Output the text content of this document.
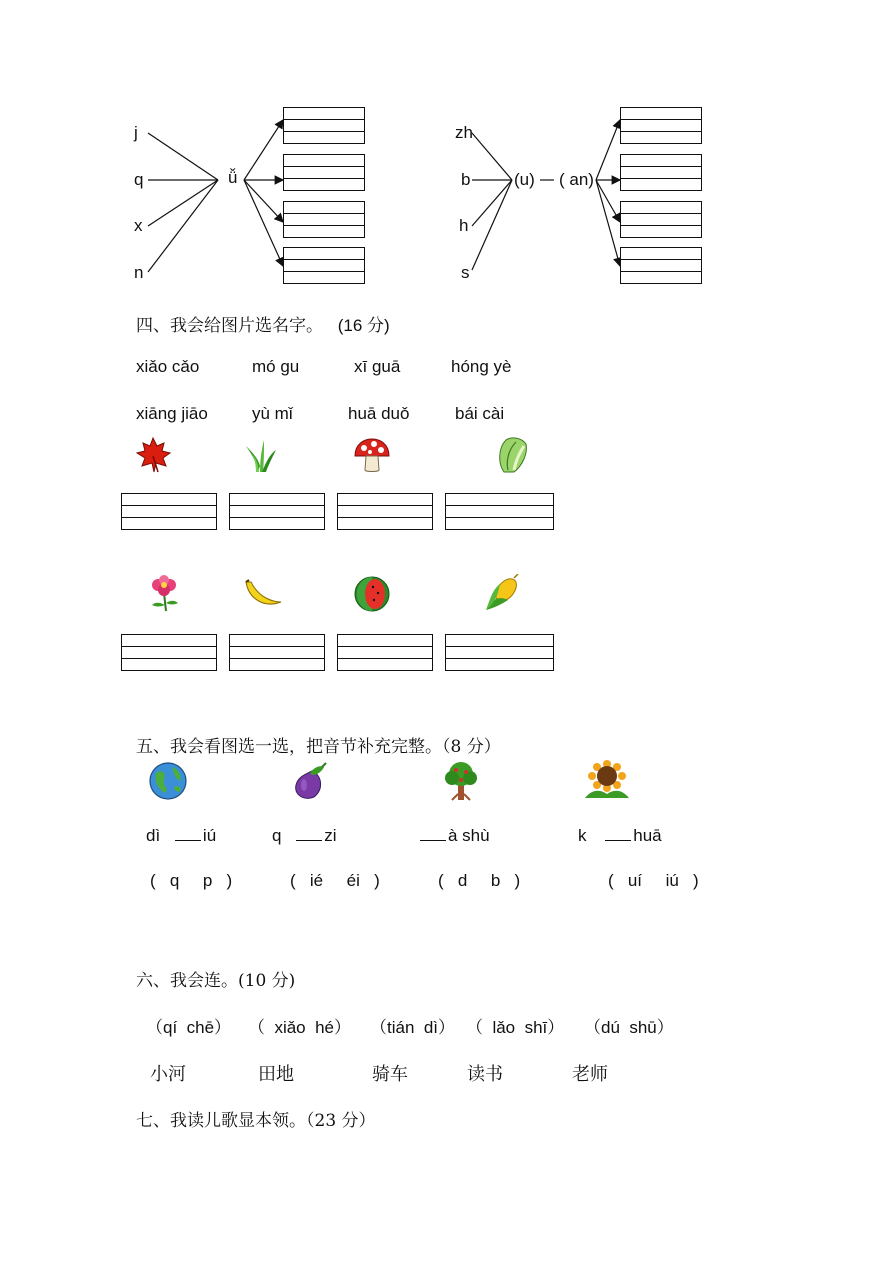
j
q
x
n
ǚ
zh
b
h
s
(u) ( an)
四、我会给图片选名字。 (16 分)
xiǎo cǎo	mó gu	xī guā	hóng yè
xiāng jiāo	yù mǐ	huā duǒ	bái cài
五、我会看图选一选，把音节补充完整。（8 分）
dì	iú	q	zi	à shù	k	huā
(   q     p   )	(   ié     éi   )	(   d     b   )	(   uí     iú   )
六、我会连。(10 分)
（qí  chē） （  xiǎo  hé） （tián  dì） （  lǎo  shī） （dú  shū）
小河	田地	骑车	读书	老师
七、我读儿歌显本领。（23 分）
